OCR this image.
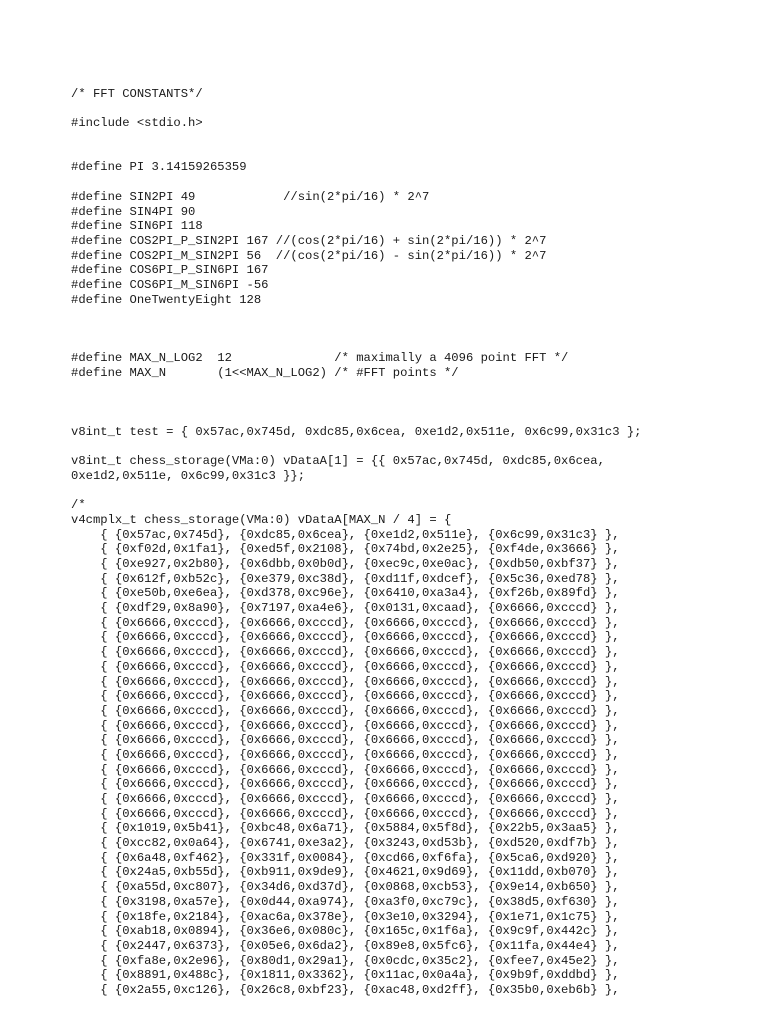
/* FFT CONSTANTS*/
#include <stdio.h>
#define PI 3.14159265359
#define SIN2PI 49            //sin(2*pi/16) * 2^7
#define SIN4PI 90
#define SIN6PI 118
#define COS2PI_P_SIN2PI 167 //(cos(2*pi/16) + sin(2*pi/16)) * 2^7
#define COS2PI_M_SIN2PI 56  //(cos(2*pi/16) - sin(2*pi/16)) * 2^7
#define COS6PI_P_SIN6PI 167
#define COS6PI_M_SIN6PI -56
#define OneTwentyEight 128
#define MAX_N_LOG2  12              /* maximally a 4096 point FFT */
#define MAX_N       (1<<MAX_N_LOG2) /* #FFT points */
v8int_t test = { 0x57ac,0x745d, 0xdc85,0x6cea, 0xe1d2,0x511e, 0x6c99,0x31c3 };
v8int_t chess_storage(VMa:0) vDataA[1] = {{ 0x57ac,0x745d, 0xdc85,0x6cea,
0xe1d2,0x511e, 0x6c99,0x31c3 }};
/*
v4cmplx_t chess_storage(VMa:0) vDataA[MAX_N / 4] = {
{ {0x57ac,0x745d}, {0xdc85,0x6cea}, {0xe1d2,0x511e}, {0x6c99,0x31c3} },
{ {0xf02d,0x1fa1}, {0xed5f,0x2108}, {0x74bd,0x2e25}, {0xf4de,0x3666} },
{ {0xe927,0x2b80}, {0x6dbb,0x0b0d}, {0xec9c,0xe0ac}, {0xdb50,0xbf37} },
{ {0x612f,0xb52c}, {0xe379,0xc38d}, {0xd11f,0xdcef}, {0x5c36,0xed78} },
{ {0xe50b,0xe6ea}, {0xd378,0xc96e}, {0x6410,0xa3a4}, {0xf26b,0x89fd} },
{ {0xdf29,0x8a90}, {0x7197,0xa4e6}, {0x0131,0xcaad}, {0x6666,0xcccd} },
{ {0x6666,0xcccd}, {0x6666,0xcccd}, {0x6666,0xcccd}, {0x6666,0xcccd} },
{ {0x6666,0xcccd}, {0x6666,0xcccd}, {0x6666,0xcccd}, {0x6666,0xcccd} },
{ {0x6666,0xcccd}, {0x6666,0xcccd}, {0x6666,0xcccd}, {0x6666,0xcccd} },
{ {0x6666,0xcccd}, {0x6666,0xcccd}, {0x6666,0xcccd}, {0x6666,0xcccd} },
{ {0x6666,0xcccd}, {0x6666,0xcccd}, {0x6666,0xcccd}, {0x6666,0xcccd} },
{ {0x6666,0xcccd}, {0x6666,0xcccd}, {0x6666,0xcccd}, {0x6666,0xcccd} },
{ {0x6666,0xcccd}, {0x6666,0xcccd}, {0x6666,0xcccd}, {0x6666,0xcccd} },
{ {0x6666,0xcccd}, {0x6666,0xcccd}, {0x6666,0xcccd}, {0x6666,0xcccd} },
{ {0x6666,0xcccd}, {0x6666,0xcccd}, {0x6666,0xcccd}, {0x6666,0xcccd} },
{ {0x6666,0xcccd}, {0x6666,0xcccd}, {0x6666,0xcccd}, {0x6666,0xcccd} },
{ {0x6666,0xcccd}, {0x6666,0xcccd}, {0x6666,0xcccd}, {0x6666,0xcccd} },
{ {0x6666,0xcccd}, {0x6666,0xcccd}, {0x6666,0xcccd}, {0x6666,0xcccd} },
{ {0x6666,0xcccd}, {0x6666,0xcccd}, {0x6666,0xcccd}, {0x6666,0xcccd} },
{ {0x6666,0xcccd}, {0x6666,0xcccd}, {0x6666,0xcccd}, {0x6666,0xcccd} },
{ {0x1019,0x5b41}, {0xbc48,0x6a71}, {0x5884,0x5f8d}, {0x22b5,0x3aa5} },
{ {0xcc82,0x0a64}, {0x6741,0xe3a2}, {0x3243,0xd53b}, {0xd520,0xdf7b} },
{ {0x6a48,0xf462}, {0x331f,0x0084}, {0xcd66,0xf6fa}, {0x5ca6,0xd920} },
{ {0x24a5,0xb55d}, {0xb911,0x9de9}, {0x4621,0x9d69}, {0x11dd,0xb070} },
{ {0xa55d,0xc807}, {0x34d6,0xd37d}, {0x0868,0xcb53}, {0x9e14,0xb650} },
{ {0x3198,0xa57e}, {0x0d44,0xa974}, {0xa3f0,0xc79c}, {0x38d5,0xf630} },
{ {0x18fe,0x2184}, {0xac6a,0x378e}, {0x3e10,0x3294}, {0x1e71,0x1c75} },
{ {0xab18,0x0894}, {0x36e6,0x080c}, {0x165c,0x1f6a}, {0x9c9f,0x442c} },
{ {0x2447,0x6373}, {0x05e6,0x6da2}, {0x89e8,0x5fc6}, {0x11fa,0x44e4} },
{ {0xfa8e,0x2e96}, {0x80d1,0x29a1}, {0x0cdc,0x35c2}, {0xfee7,0x45e2} },
{ {0x8891,0x488c}, {0x1811,0x3362}, {0x11ac,0x0a4a}, {0x9b9f,0xddbd} },
{ {0x2a55,0xc126}, {0x26c8,0xbf23}, {0xac48,0xd2ff}, {0x35b0,0xeb6b} },
